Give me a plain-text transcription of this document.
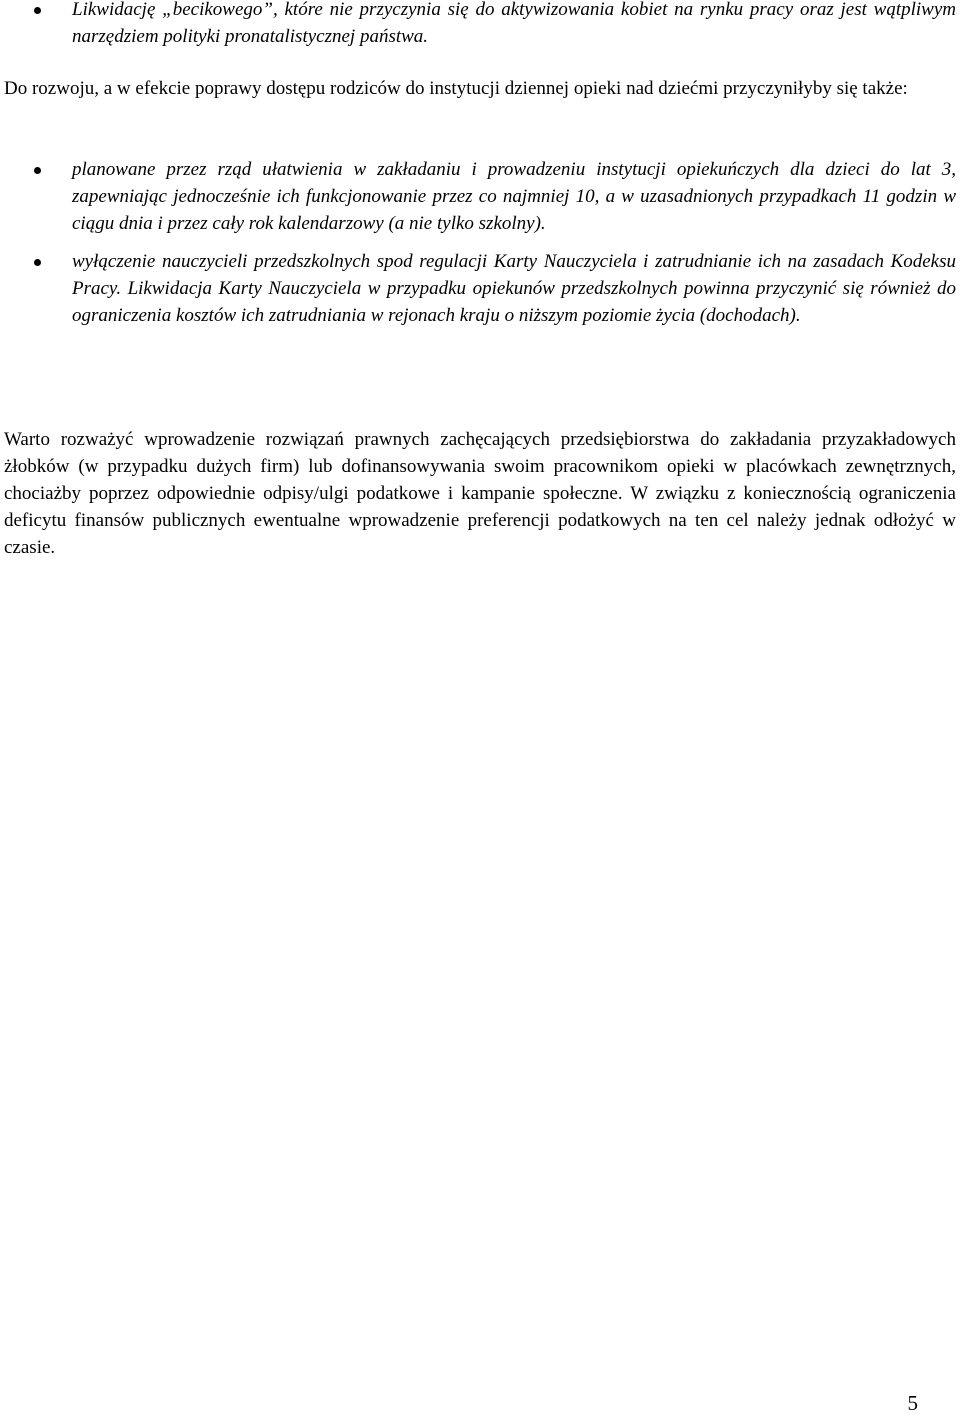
Likwidację „becikowego”, które nie przyczynia się do aktywizowania kobiet na rynku pracy oraz jest wątpliwym narzędziem polityki pronatalistycznej państwa.

Do rozwoju, a w efekcie poprawy dostępu rodziców do instytucji dziennej opieki nad dziećmi przyczyniłyby się także:

planowane przez rząd ułatwienia w zakładaniu i prowadzeniu instytucji opiekuńczych dla dzieci do lat 3, zapewniając jednocześnie ich funkcjonowanie przez co najmniej 10, a w uzasadnionych przypadkach 11 godzin w ciągu dnia i przez cały rok kalendarzowy (a nie tylko szkolny).
wyłączenie nauczycieli przedszkolnych spod regulacji Karty Nauczyciela i zatrudnianie ich na zasadach Kodeksu Pracy. Likwidacja Karty Nauczyciela w przypadku opiekunów przedszkolnych powinna przyczynić się również do ograniczenia kosztów ich zatrudniania w rejonach kraju o niższym poziomie życia (dochodach).

Warto rozważyć wprowadzenie rozwiązań prawnych zachęcających przedsiębiorstwa do zakładania przyzakładowych żłobków (w przypadku dużych firm) lub dofinansowywania swoim pracownikom opieki w placówkach zewnętrznych, chociażby poprzez odpowiednie odpisy/ulgi podatkowe i kampanie społeczne. W związku z koniecznością ograniczenia deficytu finansów publicznych ewentualne wprowadzenie preferencji podatkowych na ten cel należy jednak odłożyć w czasie.

5
